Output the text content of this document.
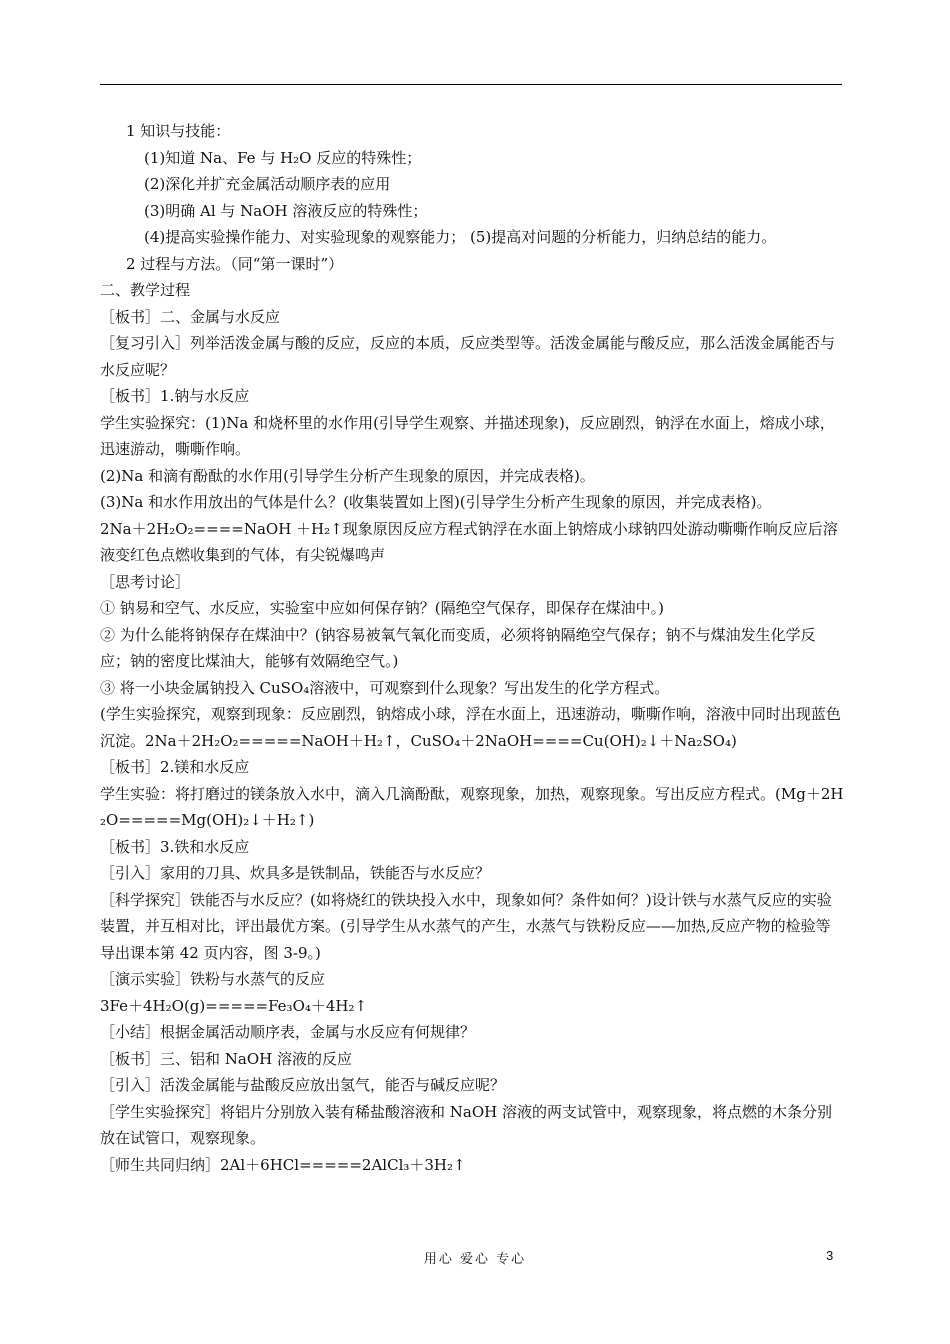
1 知识与技能：
(1)知道 Na、Fe 与 H₂O 反应的特殊性；
(2)深化并扩充金属活动顺序表的应用
(3)明确 Al 与 NaOH 溶液反应的特殊性；
(4)提高实验操作能力、对实验现象的观察能力； (5)提高对问题的分析能力，归纳总结的能力。
2 过程与方法。（同“第一课时”）
二、教学过程
［板书］二、金属与水反应
［复习引入］列举活泼金属与酸的反应，反应的本质，反应类型等。活泼金属能与酸反应，那么活泼金属能否与水反应呢？
［板书］1.钠与水反应
学生实验探究：(1)Na 和烧杯里的水作用(引导学生观察、并描述现象)，反应剧烈，钠浮在水面上，熔成小球，迅速游动，嘶嘶作响。
(2)Na 和滴有酚酞的水作用(引导学生分析产生现象的原因，并完成表格)。
(3)Na 和水作用放出的气体是什么？(收集装置如上图)(引导学生分析产生现象的原因，并完成表格)。
2Na＋2H₂O₂====NaOH ＋H₂↑现象原因反应方程式钠浮在水面上钠熔成小球钠四处游动嘶嘶作响反应后溶液变红色点燃收集到的气体，有尖锐爆鸣声
［思考讨论］
① 钠易和空气、水反应，实验室中应如何保存钠？(隔绝空气保存，即保存在煤油中。)
② 为什么能将钠保存在煤油中？(钠容易被氧气氧化而变质，必须将钠隔绝空气保存；钠不与煤油发生化学反应；钠的密度比煤油大，能够有效隔绝空气。)
③ 将一小块金属钠投入 CuSO₄溶液中，可观察到什么现象？写出发生的化学方程式。
(学生实验探究，观察到现象：反应剧烈，钠熔成小球，浮在水面上，迅速游动，嘶嘶作响，溶液中同时出现蓝色沉淀。2Na＋2H₂O₂=====NaOH＋H₂↑，CuSO₄＋2NaOH====Cu(OH)₂↓＋Na₂SO₄)
［板书］2.镁和水反应
学生实验：将打磨过的镁条放入水中，滴入几滴酚酞，观察现象，加热，观察现象。写出反应方程式。(Mg＋2H₂O=====Mg(OH)₂↓＋H₂↑)
［板书］3.铁和水反应
［引入］家用的刀具、炊具多是铁制品，铁能否与水反应？
［科学探究］铁能否与水反应？(如将烧红的铁块投入水中，现象如何？条件如何？)设计铁与水蒸气反应的实验装置，并互相对比，评出最优方案。(引导学生从水蒸气的产生，水蒸气与铁粉反应——加热,反应产物的检验等导出课本第 42 页内容，图 3-9。)
［演示实验］铁粉与水蒸气的反应
3Fe＋4H₂O(g)=====Fe₃O₄＋4H₂↑
［小结］根据金属活动顺序表，金属与水反应有何规律？
［板书］三、铝和 NaOH 溶液的反应
［引入］活泼金属能与盐酸反应放出氢气，能否与碱反应呢？
［学生实验探究］将铝片分别放入装有稀盐酸溶液和 NaOH 溶液的两支试管中，观察现象，将点燃的木条分别放在试管口，观察现象。
［师生共同归纳］2Al＋6HCl=====2AlCl₃＋3H₂↑
用心 爱心 专心	3
